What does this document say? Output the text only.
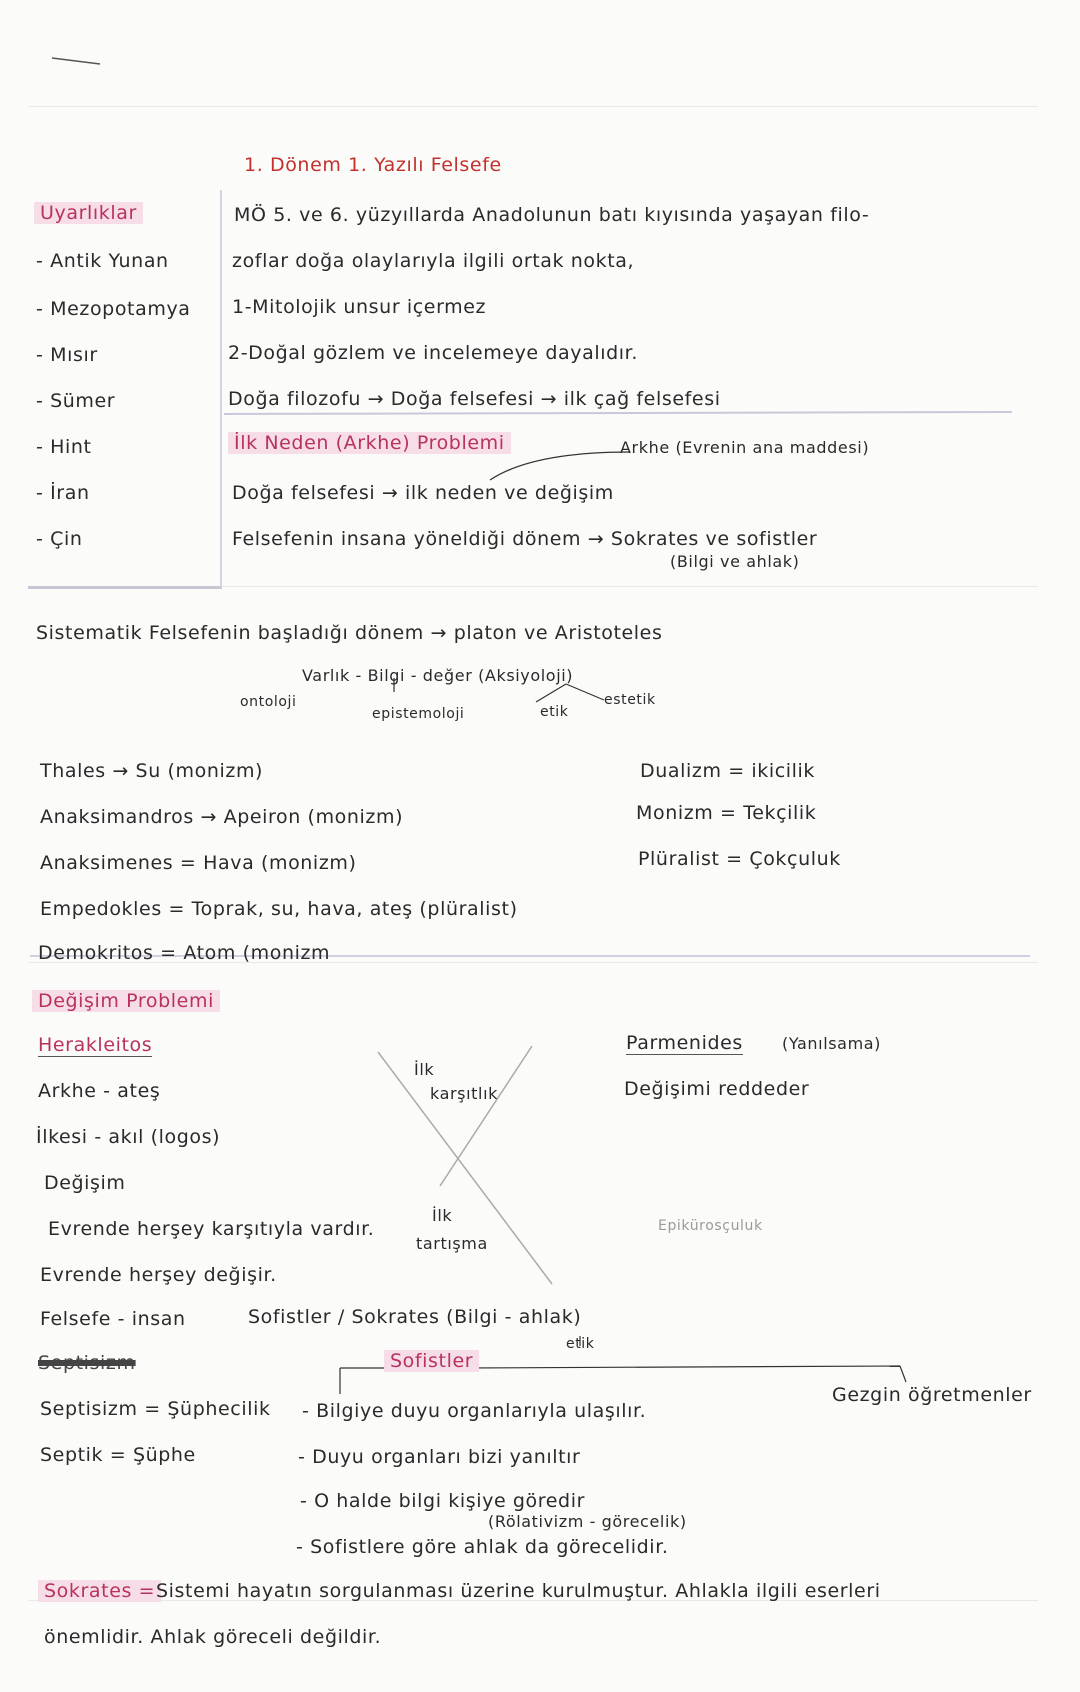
1. Dönem 1. Yazılı Felsefe
Uyarlıklar
- Antik Yunan
- Mezopotamya
- Mısır
- Sümer
- Hint
- İran
- Çin
MÖ 5. ve 6. yüzyıllarda Anadolunun batı kıyısında yaşayan filo-
zoflar doğa olaylarıyla ilgili ortak nokta,
1-Mitolojik unsur içermez
2-Doğal gözlem ve incelemeye dayalıdır.
Doğa filozofu → Doğa felsefesi → ilk çağ felsefesi
İlk Neden (Arkhe) Problemi	Arkhe (Evrenin ana maddesi)
Doğa felsefesi → ilk neden ve değişim
Felsefenin insana yöneldiği dönem → Sokrates ve sofistler
(Bilgi ve ahlak)
Sistematik Felsefenin başladığı dönem → platon ve Aristoteles
Varlık - Bilgi - değer (Aksiyoloji)
ontoloji
epistemoloji	etik
estetik
Thales → Su (monizm)
Anaksimandros → Apeiron (monizm)
Anaksimenes = Hava (monizm)
Empedokles = Toprak, su, hava, ateş (plüralist)
Demokritos = Atom (monizm
Dualizm = ikicilik
Monizm = Tekçilik
Plüralist = Çokçuluk
Değişim Problemi
Herakleitos
Arkhe - ateş
İlkesi - akıl (logos)
Değişim
Evrende herşey karşıtıyla vardır.
Evrende herşey değişir.
Parmenides (Yanılsama)
Değişimi reddeder
İlk
karşıtlık
İlk
tartışma
Epikürosçuluk
Felsefe - insan	Sofistler / Sokrates (Bilgi - ahlak)
etik
Septisizm	Sofistler
Gezgin öğretmenler
Septisizm = Şüphecilik
Septik = Şüphe
- Bilgiye duyu organlarıyla ulaşılır.
- Duyu organları bizi yanıltır
- O halde bilgi kişiye göredir
(Rölativizm - görecelik)
- Sofistlere göre ahlak da görecelidir.
Sokrates = Sistemi hayatın sorgulanması üzerine kurulmuştur. Ahlakla ilgili eserleri
önemlidir. Ahlak göreceli değildir.
